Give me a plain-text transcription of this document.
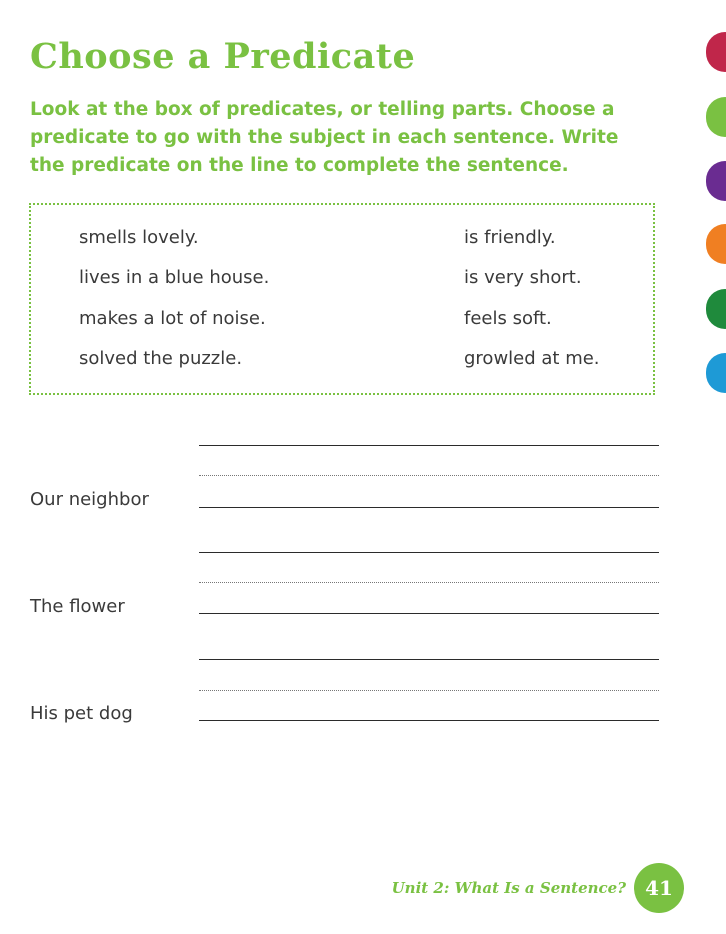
Choose a Predicate
Look at the box of predicates, or telling parts. Choose a predicate to go with the subject in each sentence. Write the predicate on the line to complete the sentence.
smells lovely.
lives in a blue house.
makes a lot of noise.
solved the puzzle.
is friendly.
is very short.
feels soft.
growled at me.
Our neighbor
The flower
His pet dog
Unit 2: What Is a Sentence? 41
